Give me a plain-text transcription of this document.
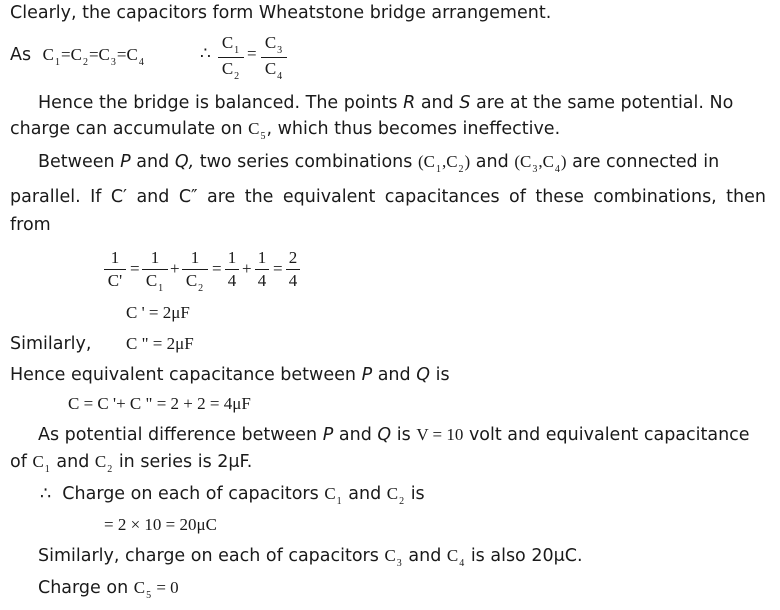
Clearly, the capacitors form Wheatstone bridge arrangement.
As $C_1=C_2=C_3=C_4$	∴
$C_1$
$C_2$
=
$C_3$
$C_4$
Hence the bridge is balanced. The points R and S are at the same potential. No
charge can accumulate on $C_5$, which thus becomes ineffective.
Between P and Q, two series combinations $(C_1,C_2)$ and $(C_3,C_4)$ are connected in
parallel. If C′ and C″ are the equivalent capacitances of these combinations, then
from
1
C'
=
1
$C_1$
+
1
$C_2$
=
1
4
+
1
4
=
2
4
C ' = 2μF
Similarly, C " = 2μF
Hence equivalent capacitance between P and Q is
C = C '+ C " = 2 + 2 = 4μF
As potential difference between P and Q is V = 10 volt and equivalent capacitance
of $C_1$ and $C_2$ in series is 2μF.
∴ Charge on each of capacitors $C_1$ and $C_2$ is
= 2 × 10 = 20μC
Similarly, charge on each of capacitors $C_3$ and $C_4$ is also 20μC.
Charge on $C_5 = 0$
